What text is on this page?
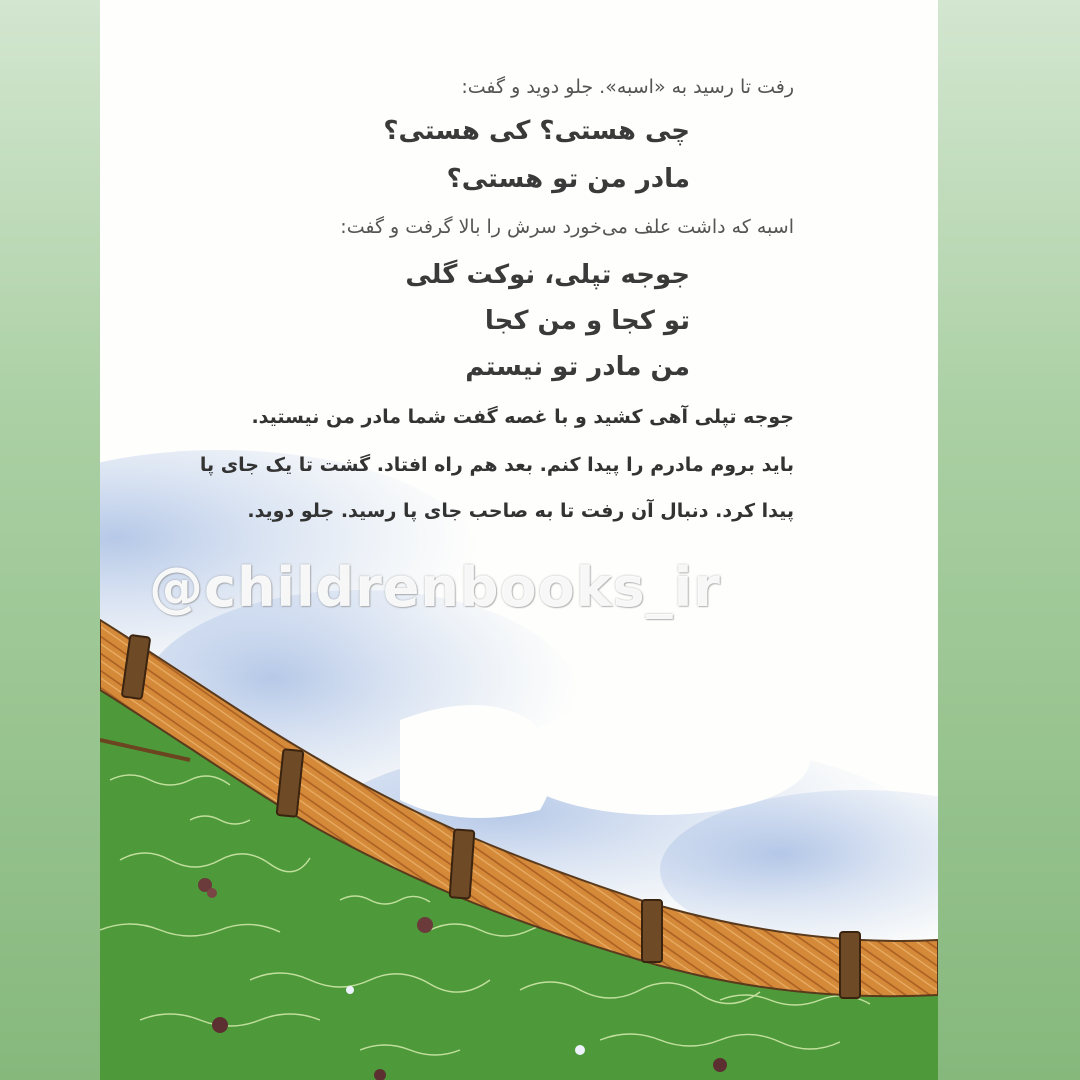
رفت تا رسید به «اسبه». جلو دوید و گفت:
چی هستی؟ کی هستی؟
مادر من تو هستی؟
اسبه که داشت علف می‌خورد سرش را بالا گرفت و گفت:
جوجه تپلی، نوکت گلی
تو کجا و من کجا
من مادر تو نیستم
جوجه تپلی آهی کشید و با غصه گفت شما مادر من نیستید.
باید بروم مادرم را پیدا کنم. بعد هم راه افتاد. گشت تا یک جای پا
پیدا کرد. دنبال آن رفت تا به صاحب جای پا رسید. جلو دوید.
@childrenbooks_ir
